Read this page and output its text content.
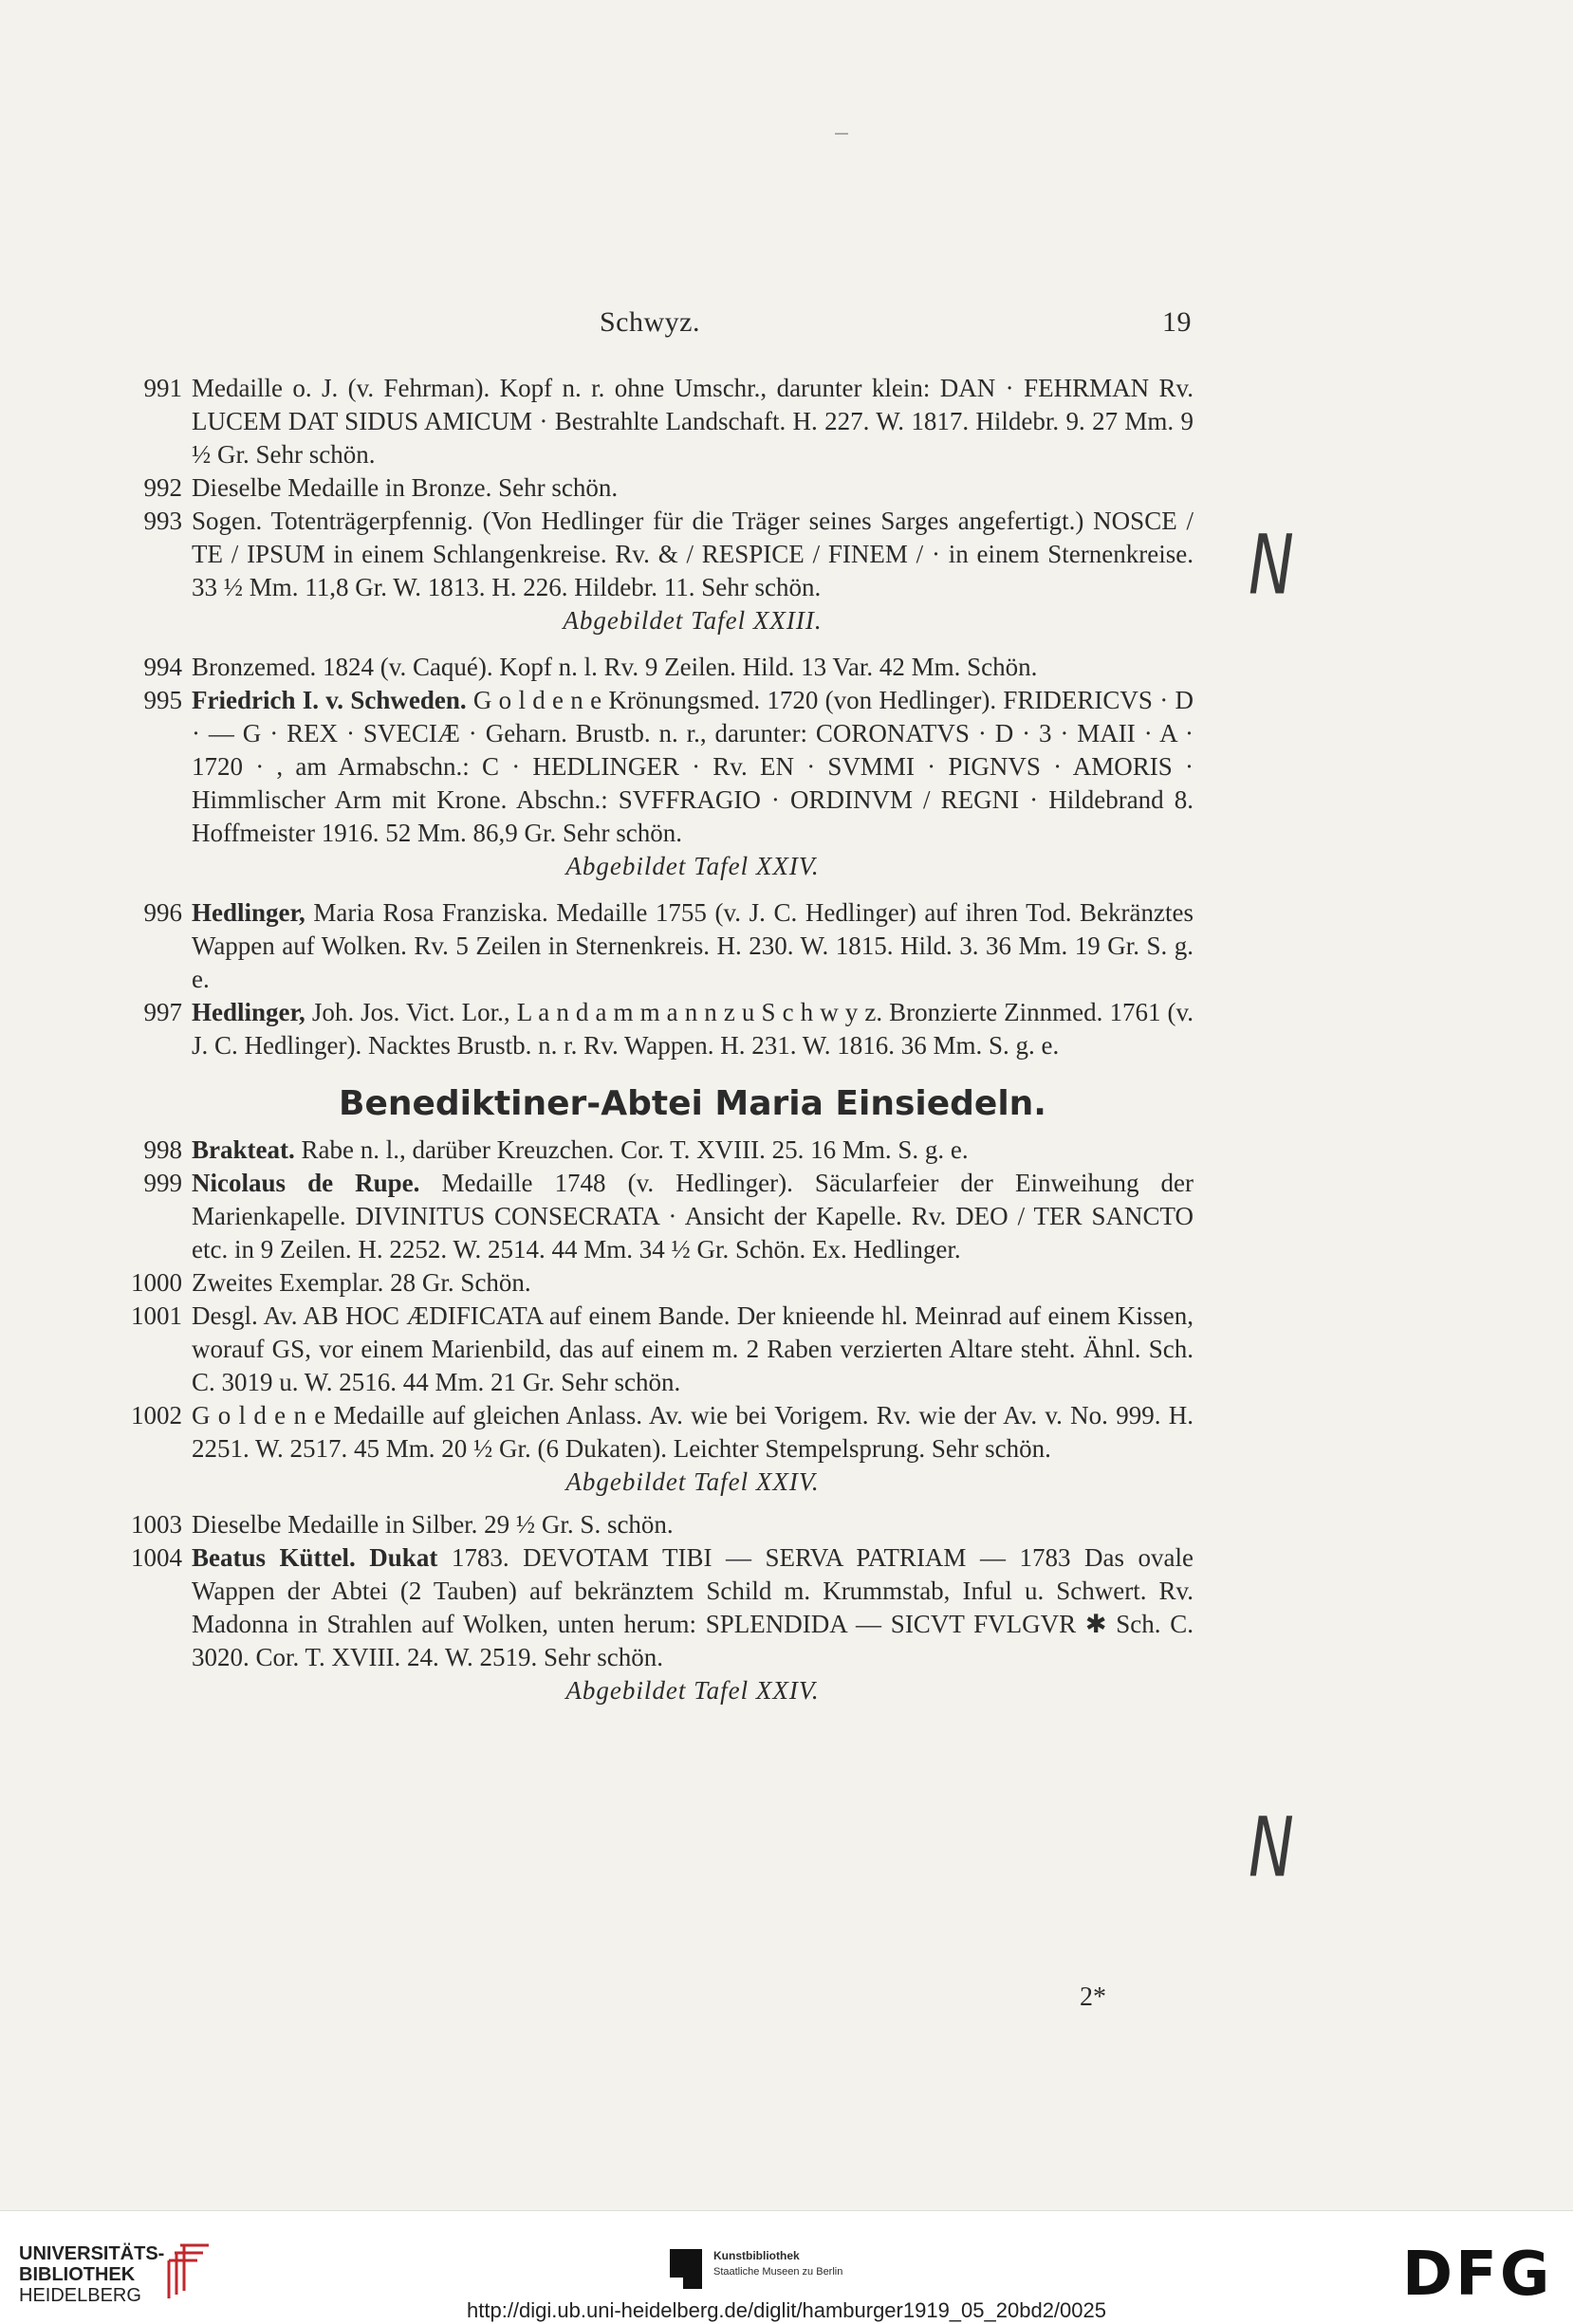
Schwyz.	19
991 Medaille o. J. (v. Fehrman). Kopf n. r. ohne Umschr., darunter klein: DAN · FEHRMAN Rv. LUCEM DAT SIDUS AMICUM · Bestrahlte Landschaft. H. 227. W. 1817. Hildebr. 9. 27 Mm. 9 ½ Gr. Sehr schön.
992 Dieselbe Medaille in Bronze. Sehr schön.
993 Sogen. Totenträgerpfennig. (Von Hedlinger für die Träger seines Sarges angefertigt.) NOSCE / TE / IPSUM in einem Schlangenkreise. Rv. & / RESPICE / FINEM / · in einem Sternenkreise. 33 ½ Mm. 11,8 Gr. W. 1813. H. 226. Hildebr. 11. Sehr schön.
Abgebildet Tafel XXIII.
994 Bronzemed. 1824 (v. Caqué). Kopf n. l. Rv. 9 Zeilen. Hild. 13 Var. 42 Mm. Schön.
995 Friedrich I. v. Schweden. G o l d e n e Krönungsmed. 1720 (von Hedlinger). FRIDERICVS · D · — G · REX · SVECIÆ · Geharn. Brustb. n. r., darunter: CORONATVS · D · 3 · MAII · A · 1720 · , am Armabschn.: C · HEDLINGER · Rv. EN · SVMMI · PIGNVS · AMORIS · Himmlischer Arm mit Krone. Abschn.: SVFFRAGIO · ORDINVM / REGNI · Hildebrand 8. Hoffmeister 1916. 52 Mm. 86,9 Gr. Sehr schön.
Abgebildet Tafel XXIV.
996 Hedlinger, Maria Rosa Franziska. Medaille 1755 (v. J. C. Hedlinger) auf ihren Tod. Bekränztes Wappen auf Wolken. Rv. 5 Zeilen in Sternenkreis. H. 230. W. 1815. Hild. 3. 36 Mm. 19 Gr. S. g. e.
997 Hedlinger, Joh. Jos. Vict. Lor., L a n d a m m a n n z u S c h w y z. Bronzierte Zinnmed. 1761 (v. J. C. Hedlinger). Nacktes Brustb. n. r. Rv. Wappen. H. 231. W. 1816. 36 Mm. S. g. e.
Benediktiner-Abtei Maria Einsiedeln.
998 Brakteat. Rabe n. l., darüber Kreuzchen. Cor. T. XVIII. 25. 16 Mm. S. g. e.
999 Nicolaus de Rupe. Medaille 1748 (v. Hedlinger). Säcularfeier der Einweihung der Marienkapelle. DIVINITUS CONSECRATA · Ansicht der Kapelle. Rv. DEO / TER SANCTO etc. in 9 Zeilen. H. 2252. W. 2514. 44 Mm. 34 ½ Gr. Schön. Ex. Hedlinger.
1000 Zweites Exemplar. 28 Gr. Schön.
1001 Desgl. Av. AB HOC ÆDIFICATA auf einem Bande. Der knieende hl. Meinrad auf einem Kissen, worauf GS, vor einem Marienbild, das auf einem m. 2 Raben verzierten Altare steht. Ähnl. Sch. C. 3019 u. W. 2516. 44 Mm. 21 Gr. Sehr schön.
1002 G o l d e n e Medaille auf gleichen Anlass. Av. wie bei Vorigem. Rv. wie der Av. v. No. 999. H. 2251. W. 2517. 45 Mm. 20 ½ Gr. (6 Dukaten). Leichter Stempelsprung. Sehr schön.
Abgebildet Tafel XXIV.
1003 Dieselbe Medaille in Silber. 29 ½ Gr. S. schön.
1004 Beatus Küttel. Dukat 1783. DEVOTAM TIBI — SERVA PATRIAM — 1783 Das ovale Wappen der Abtei (2 Tauben) auf bekränztem Schild m. Krummstab, Inful u. Schwert. Rv. Madonna in Strahlen auf Wolken, unten herum: SPLENDIDA — SICVT FVLGVR ✱ Sch. C. 3020. Cor. T. XVIII. 24. W. 2519. Sehr schön.
Abgebildet Tafel XXIV.
2*
N
N
UNIVERSITÄTS-
BIBLIOTHEK
HEIDELBERG
Kunstbibliothek
Staatliche Museen zu Berlin	DFG
http://digi.ub.uni-heidelberg.de/diglit/hamburger1919_05_20bd2/0025
